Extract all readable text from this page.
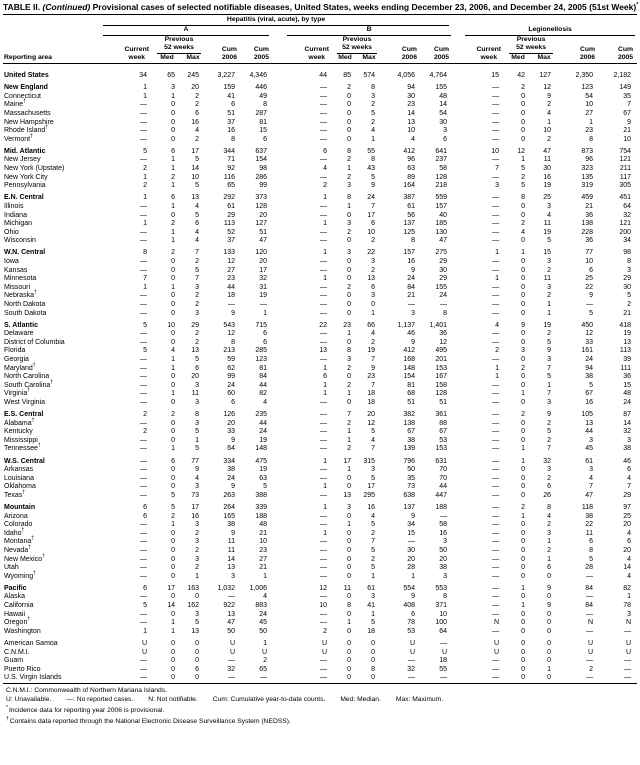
TABLE II. (Continued) Provisional cases of selected notifiable diseases, United States, weeks ending December 23, 2006, and December 24, 2005 (51st Week)*

	Hepatitis (viral, acute), by type														

	A					B					Legionellosis				

Reporting area	Current
week	Previous
52 weeks		Cum
2006	Cum
2005	Current
week	Previous
52 weeks		Cum
2006	Cum
2005	Current
week	Previous
52 weeks		Cum
2006	Cum
2005

		Med	Max				Med	Max				Med	Max		

United States	34	65	245	3,227	4,346	44	85	574	4,056	4,764	15	42	127	2,350	2,182

New England	1	3	20	159	446	—	2	8	94	155	—	2	12	123	149
Connecticut	1	1	2	41	49	—	0	3	30	48	—	0	9	54	35
Maine†	—	0	2	6	8	—	0	2	23	14	—	0	2	10	7
Massachusetts	—	0	6	51	287	—	0	5	14	54	—	0	4	27	67
New Hampshire	—	0	16	37	81	—	0	2	13	30	—	0	1	1	9
Rhode Island†	—	0	4	16	15	—	0	4	10	3	—	0	10	23	21
Vermont†	—	0	2	8	6	—	0	1	4	6	—	0	2	8	10

Mid. Atlantic	5	6	17	344	637	6	8	55	412	641	10	12	47	873	754
New Jersey	—	1	5	71	154	—	2	8	96	237	—	1	11	96	121
New York (Upstate)	2	1	14	92	98	4	1	43	63	58	7	5	30	323	211
New York City	1	2	10	116	286	—	2	5	89	128	—	2	16	135	117
Pennsylvania	2	1	5	65	99	2	3	9	164	218	3	5	19	319	305

E.N. Central	1	6	13	292	373	1	8	24	387	559	—	8	25	459	451
Illinois	—	1	4	61	128	—	1	7	61	157	—	0	3	21	64
Indiana	—	0	5	29	20	—	0	17	56	40	—	0	4	36	32
Michigan	1	2	6	113	127	1	3	6	137	185	—	2	11	138	121
Ohio	—	1	4	52	51	—	2	10	125	130	—	4	19	228	200
Wisconsin	—	1	4	37	47	—	0	2	8	47	—	0	5	36	34

W.N. Central	8	2	7	133	120	1	3	22	157	275	1	1	15	77	98
Iowa	—	0	2	12	20	—	0	3	16	29	—	0	3	10	8
Kansas	—	0	5	27	17	—	0	2	9	30	—	0	2	6	3
Minnesota	7	0	7	23	32	1	0	13	24	29	1	0	11	25	29
Missouri	1	1	3	44	31	—	2	6	84	155	—	0	3	22	30
Nebraska†	—	0	2	18	19	—	0	3	21	24	—	0	2	9	5
North Dakota	—	0	2	—	—	—	0	0	—	—	—	0	1	—	2
South Dakota	—	0	3	9	1	—	0	1	3	8	—	0	1	5	21

S. Atlantic	5	10	29	543	715	22	23	66	1,137	1,401	4	9	19	450	418
Delaware	—	0	2	12	6	—	1	4	46	36	—	0	2	12	19
District of Columbia	—	0	2	8	6	—	0	2	9	12	—	0	5	33	13
Florida	5	4	13	213	285	13	8	19	412	495	2	3	9	161	113
Georgia	—	1	5	59	123	—	3	7	168	201	—	0	3	24	39
Maryland†	—	1	6	62	81	1	2	9	148	153	1	2	7	94	111
North Carolina	—	0	20	99	84	6	0	23	154	167	1	0	5	38	36
South Carolina†	—	0	3	24	44	1	2	7	81	158	—	0	1	5	15
Virginia†	—	1	11	60	82	1	1	18	68	128	—	1	7	67	48
West Virginia	—	0	3	6	4	—	0	18	51	51	—	0	3	16	24

E.S. Central	2	2	8	126	235	—	7	20	382	361	—	2	9	105	87
Alabama†	—	0	3	20	44	—	2	12	138	88	—	0	2	13	14
Kentucky	2	0	5	33	24	—	1	5	67	67	—	0	5	44	32
Mississippi	—	0	1	9	19	—	1	4	38	53	—	0	2	3	3
Tennessee†	—	1	5	64	148	—	2	7	139	153	—	1	7	45	38

W.S. Central	—	6	77	334	475	1	17	315	796	631	—	1	32	61	46
Arkansas	—	0	9	38	19	—	1	3	50	70	—	0	3	3	6
Louisiana	—	0	4	24	63	—	0	5	35	70	—	0	2	4	4
Oklahoma	—	0	3	9	5	1	0	17	73	44	—	0	6	7	7
Texas†	—	5	73	263	388	—	13	295	638	447	—	0	26	47	29

Mountain	6	5	17	264	339	1	3	16	137	188	—	2	8	118	97
Arizona	6	2	16	165	188	—	0	4	9	—	—	1	4	38	25
Colorado	—	1	3	38	48	—	1	5	34	58	—	0	2	22	20
Idaho†	—	0	2	9	21	1	0	2	15	16	—	0	3	11	4
Montana†	—	0	3	11	10	—	0	7	—	3	—	0	1	6	6
Nevada†	—	0	2	11	23	—	0	5	30	50	—	0	2	8	20
New Mexico†	—	0	3	14	27	—	0	2	20	20	—	0	1	5	4
Utah	—	0	2	13	21	—	0	5	28	38	—	0	6	28	14
Wyoming†	—	0	1	3	1	—	0	1	1	3	—	0	0	—	4

Pacific	6	17	163	1,032	1,006	12	11	61	554	553	—	1	9	84	82
Alaska	—	0	0	—	4	—	0	3	9	8	—	0	0	—	1
California	5	14	162	922	883	10	8	41	408	371	—	1	9	84	78
Hawaii	—	0	3	13	24	—	0	1	6	10	—	0	0	—	3
Oregon†	—	1	5	47	45	—	1	5	78	100	N	0	0	N	N
Washington	1	1	13	50	50	2	0	18	53	64	—	0	0	—	—

American Samoa	U	0	0	U	1	U	0	0	U	—	U	0	0	U	U
C.N.M.I.	U	0	0	U	U	U	0	0	U	U	U	0	0	U	U
Guam	—	0	0	—	2	—	0	0	—	18	—	0	0	—	—
Puerto Rico	—	0	6	32	65	—	0	8	32	55	—	0	1	2	—
U.S. Virgin Islands	—	0	0	—	—	—	0	0	—	—	—	0	0	—	—
C.N.M.I.: Commonwealth of Northern Mariana Islands.
U: Unavailable. —: No reported cases. N: Not notifiable. Cum: Cumulative year-to-date counts. Med: Median. Max: Maximum.
*Incidence data for reporting year 2006 is provisional.
†Contains data reported through the National Electronic Disease Surveillance System (NEDSS).
